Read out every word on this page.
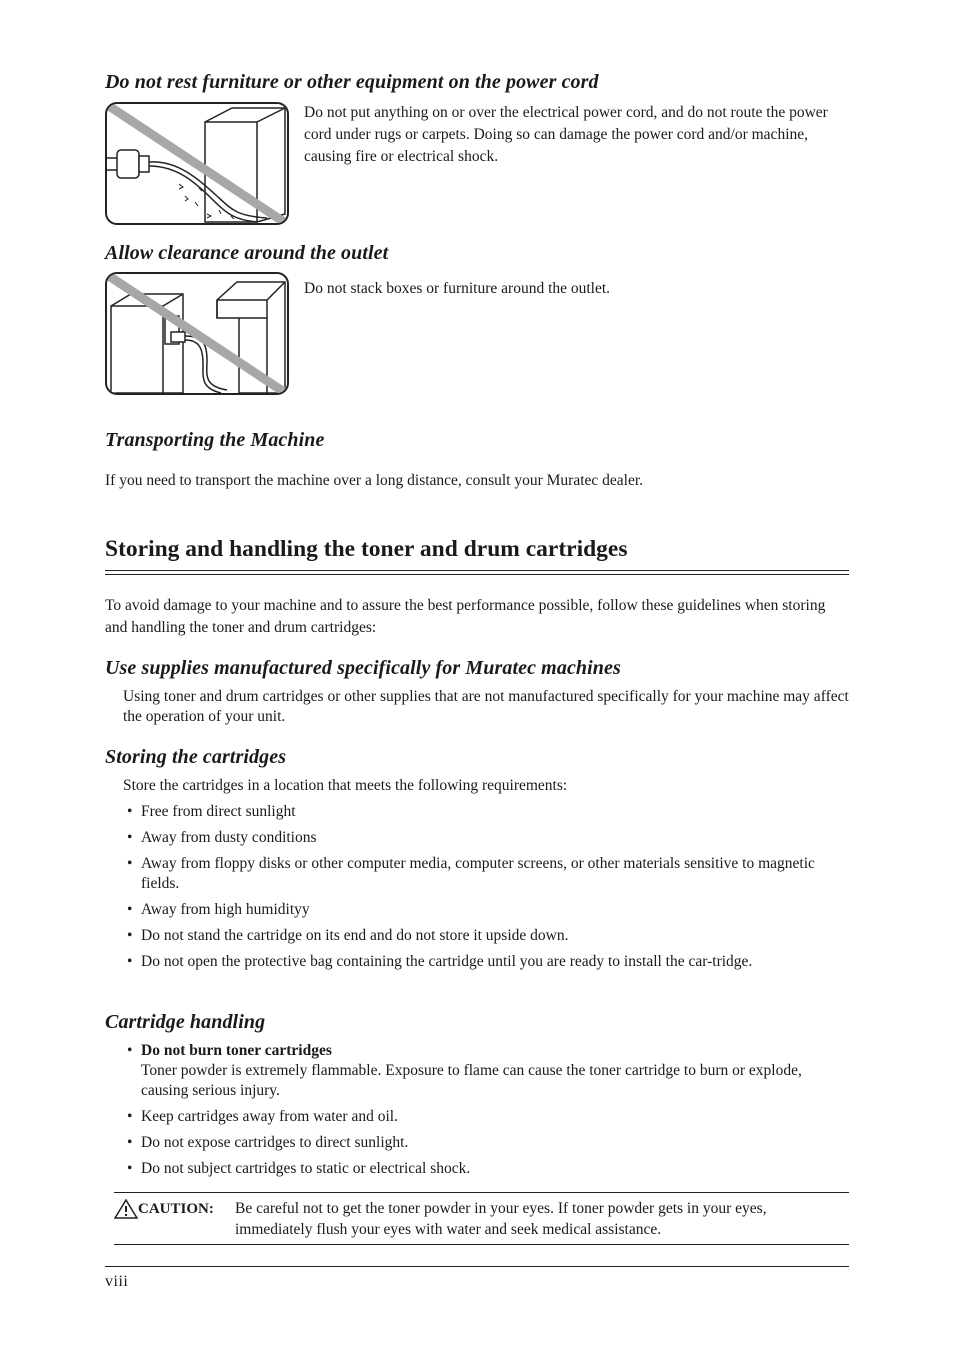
Do not rest furniture or other equipment on the power cord
Do not put anything on or over the electrical power cord, and do not route the power cord under rugs or carpets. Doing so can damage the power cord and/or machine, causing fire or electrical shock.
Allow clearance around the outlet
Do not stack boxes or furniture around the outlet.
Transporting the Machine
If you need to transport the machine over a long distance, consult your Muratec dealer.
Storing and handling the toner and drum cartridges
To avoid damage to your machine and to assure the best performance possible, follow these guidelines when storing and handling the toner and drum cartridges:
Use supplies manufactured specifically for Muratec machines
Using toner and drum cartridges or other supplies that are not manufactured specifically for your machine may affect the operation of your unit.
Storing the cartridges
Store the cartridges in a location that meets the following requirements:
• Free from direct sunlight
• Away from dusty conditions
• Away from floppy disks or other computer media, computer screens, or other materials sensitive to magnetic fields.
• Away from high humidityy
• Do not stand the cartridge on its end and do not store it upside down.
• Do not open the protective bag containing the cartridge until you are ready to install the car-tridge.
Cartridge handling
• Do not burn toner cartridges
Toner powder is extremely flammable. Exposure to flame can cause the toner cartridge to burn or explode, causing serious injury.
• Keep cartridges away from water and oil.
• Do not expose cartridges to direct sunlight.
• Do not subject cartridges to static or electrical shock.
CAUTION: Be careful not to get the toner powder in your eyes. If toner powder gets in your eyes, immediately flush your eyes with water and seek medical assistance.
viii
